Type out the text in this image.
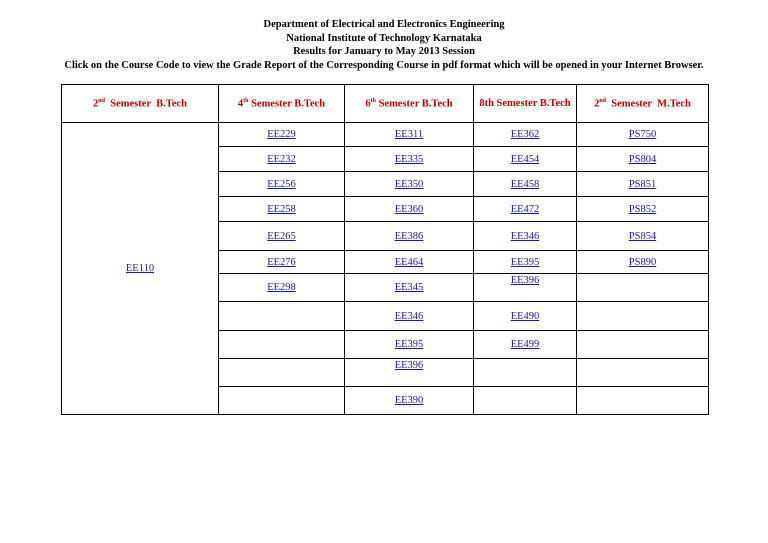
Department of Electrical and Electronics Engineering
National Institute of Technology Karnataka
Results for January to May 2013 Session
Click on the Course Code to view the Grade Report of the Corresponding Course in pdf format which will be opened in your Internet Browser.
2nd  Semester  B.Tech	4th Semester B.Tech	6th Semester B.Tech	8th Semester B.Tech	2nd  Semester  M.Tech
EE110	EE229	EE311	EE362	PS750
	EE232	EE335	EE454	PS804
	EE256	EE350	EE458	PS851
	EE258	EE360	EE472	PS852
	EE265	EE386	EE346	PS854
	EE276	EE464	EE395	PS890
	EE298	EE345	EE396	
		EE346	EE490	
		EE395	EE499	
		EE396		
		EE390		
